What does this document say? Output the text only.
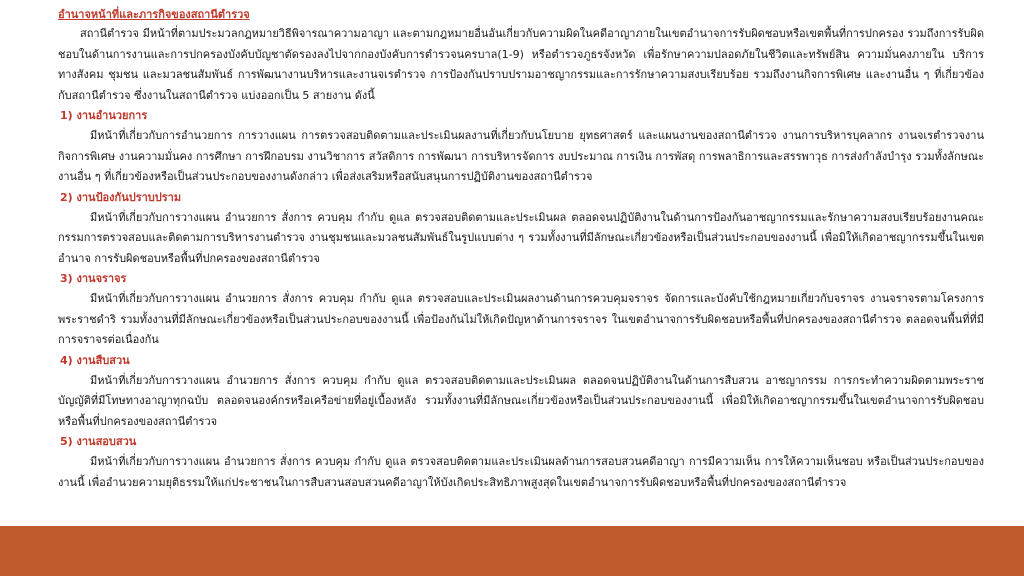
อำนาจหน้าที่และภารกิจของสถานีตำรวจ

สถานีตำรวจ มีหน้าที่ตามประมวลกฎหมายวิธีพิจารณาความอาญา และตามกฎหมายอื่นอันเกี่ยวกับความผิดในคดีอาญาภายในเขตอำนาจการรับผิดชอบหรือเขตพื้นที่การปกครอง รวมถึงการรับผิดชอบในด้านการงานและการปกครองบังคับบัญชาตัดรองลงไปจากกองบังคับการตำรวจนครบาล(1-9) หรือตำรวจภูธรจังหวัด เพื่อรักษาความปลอดภัยในชีวิตและทรัพย์สิน ความมั่นคงภายใน บริการทางสังคม ชุมชน และมวลชนสัมพันธ์ การพัฒนางานบริหารและงานจเรตำรวจ การป้องกันปราบปรามอาชญากรรมและการรักษาความสงบเรียบร้อย รวมถึงงานกิจการพิเศษ และงานอื่น ๆ ที่เกี่ยวข้องกับสถานีตำรวจ ซึ่งงานในสถานีตำรวจ แบ่งออกเป็น 5 สายงาน ดังนี้

1) งานอำนวยการ

มีหน้าที่เกี่ยวกับการอำนวยการ การวางแผน การตรวจสอบติดตามและประเมินผลงานที่เกี่ยวกับนโยบาย ยุทธศาสตร์ และแผนงานของสถานีตำรวจ งานการบริหารบุคลากร งานจเรตำรวจงานกิจการพิเศษ งานความมั่นคง การศึกษา การฝึกอบรม งานวิชาการ สวัสดิการ การพัฒนา การบริหารจัดการ งบประมาณ การเงิน การพัสดุ การพลาธิการและสรรพาวุธ การส่งกำลังบำรุง รวมทั้งลักษณะงานอื่น ๆ ที่เกี่ยวข้องหรือเป็นส่วนประกอบของงานดังกล่าว เพื่อส่งเสริมหรือสนับสนุนการปฏิบัติงานของสถานีตำรวจ

2) งานป้องกันปราบปราม

มีหน้าที่เกี่ยวกับการวางแผน อำนวยการ สั่งการ ควบคุม กำกับ ดูแล ตรวจสอบติดตามและประเมินผล ตลอดจนปฏิบัติงานในด้านการป้องกันอาชญากรรมและรักษาความสงบเรียบร้อยงานคณะกรรมการตรวจสอบและติดตามการบริหารงานตำรวจ งานชุมชนและมวลชนสัมพันธ์ในรูปแบบต่าง ๆ รวมทั้งงานที่มีลักษณะเกี่ยวข้องหรือเป็นส่วนประกอบของงานนี้ เพื่อมิให้เกิดอาชญากรรมขึ้นในเขตอำนาจ การรับผิดชอบหรือพื้นที่ปกครองของสถานีตำรวจ

3) งานจราจร

มีหน้าที่เกี่ยวกับการวางแผน อำนวยการ สั่งการ ควบคุม กำกับ ดูแล ตรวจสอบและประเมินผลงานด้านการควบคุมจราจร จัดการและบังคับใช้กฎหมายเกี่ยวกับจราจร งานจราจรตามโครงการพระราชดำริ รวมทั้งงานที่มีลักษณะเกี่ยวข้องหรือเป็นส่วนประกอบของงานนี้ เพื่อป้องกันไม่ให้เกิดปัญหาด้านการจราจร ในเขตอำนาจการรับผิดชอบหรือพื้นที่ปกครองของสถานีตำรวจ ตลอดจนพื้นที่ที่มีการจราจรต่อเนื่องกัน

4) งานสืบสวน

มีหน้าที่เกี่ยวกับการวางแผน อำนวยการ สั่งการ ควบคุม กำกับ ดูแล ตรวจสอบติดตามและประเมินผล ตลอดจนปฏิบัติงานในด้านการสืบสวน อาชญากรรม การกระทำความผิดตามพระราชบัญญัติที่มีโทษทางอาญาทุกฉบับ ตลอดจนองค์กรหรือเครือข่ายที่อยู่เบื้องหลัง รวมทั้งงานที่มีลักษณะเกี่ยวข้องหรือเป็นส่วนประกอบของงานนี้ เพื่อมิให้เกิดอาชญากรรมขึ้นในเขตอำนาจการรับผิดชอบหรือพื้นที่ปกครองของสถานีตำรวจ

5) งานสอบสวน

มีหน้าที่เกี่ยวกับการวางแผน อำนวยการ สั่งการ ควบคุม กำกับ ดูแล ตรวจสอบติดตามและประเมินผลด้านการสอบสวนคดีอาญา การมีความเห็น การให้ความเห็นชอบ หรือเป็นส่วนประกอบของงานนี้ เพื่ออำนวยความยุติธรรมให้แก่ประชาชนในการสืบสวนสอบสวนคดีอาญาให้บังเกิดประสิทธิภาพสูงสุดในเขตอำนาจการรับผิดชอบหรือพื้นที่ปกครองของสถานีตำรวจ
